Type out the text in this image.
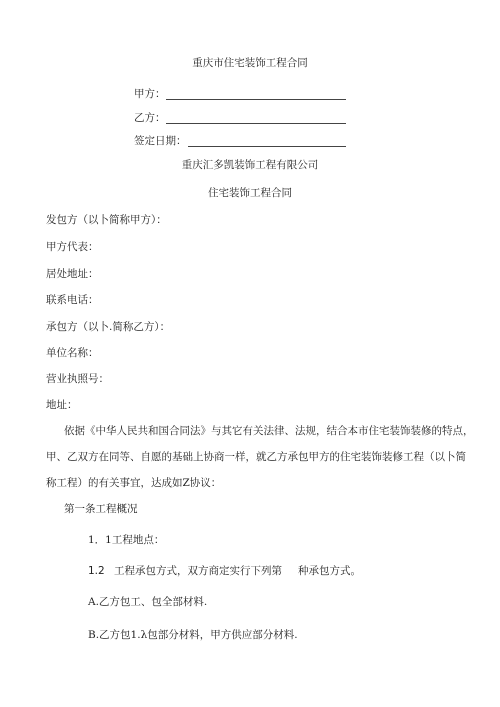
重庆市住宅装饰工程合同
甲方：
乙方：
签定日期：
重庆汇多凯装饰工程有限公司
住宅装饰工程合同
发包方（以卜简称甲方）：
甲方代表：
居处地址：
联系电话：
承包方（以卜.简称乙方）：
单位名称：
营业执照号：
地址：
依据《中华人民共和国合同法》与其它有关法律、法规，结合本市住宅装饰装修的特点，
甲、乙双方在同等、自愿的基础上协商一样，就乙方承包甲方的住宅装饰装修工程（以卜简
称工程）的有关事宜，达成如Z协议：
第一条工程概况
1．1工程地点：
1.2 工程承包方式，双方商定实行下列第 种承包方式。
A.乙方包工、包全部材料.
B.乙方包1.λ包部分材料，甲方供应部分材料.
